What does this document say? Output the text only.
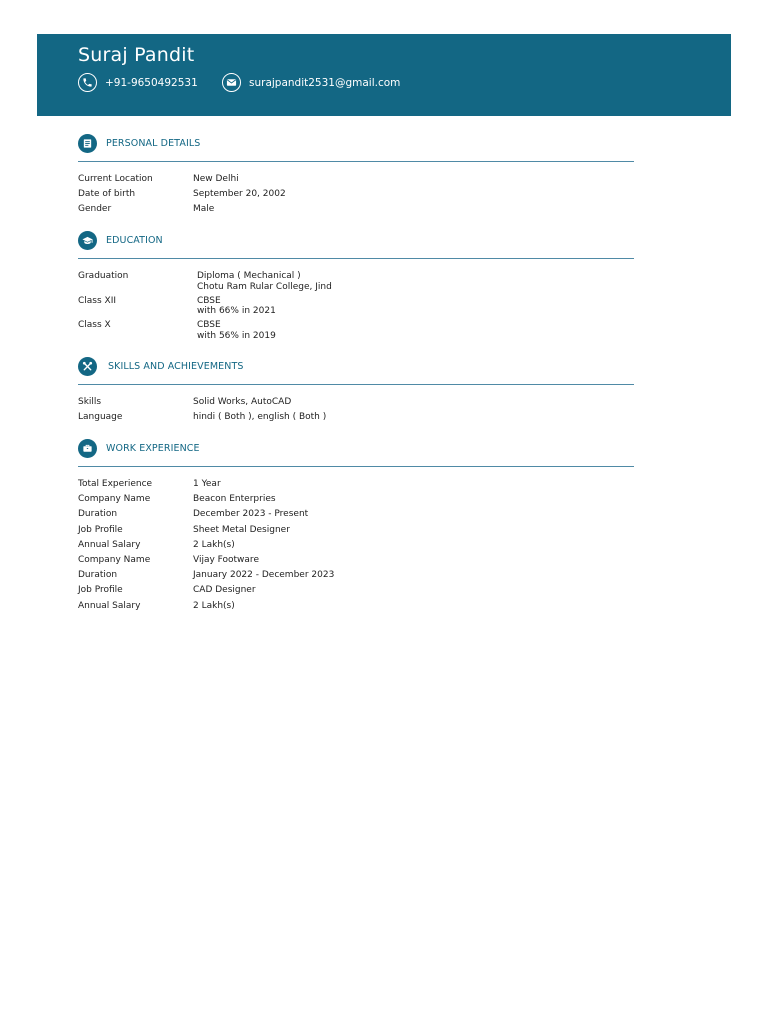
Suraj Pandit
+91-9650492531	surajpandit2531@gmail.com
PERSONAL DETAILS
Current Location	New Delhi
Date of birth	September 20, 2002
Gender	Male
EDUCATION
Graduation	Diploma ( Mechanical )
Chotu Ram Rular College, Jind
Class XII	CBSE
with 66% in 2021
Class X	CBSE
with 56% in 2019
SKILLS AND ACHIEVEMENTS
Skills	Solid Works, AutoCAD
Language	hindi ( Both ), english ( Both )
WORK EXPERIENCE
Total Experience	1 Year
Company Name	Beacon Enterpries
Duration	December 2023 - Present
Job Profile	Sheet Metal Designer
Annual Salary	2 Lakh(s)
Company Name	Vijay Footware
Duration	January 2022 - December 2023
Job Profile	CAD Designer
Annual Salary	2 Lakh(s)
